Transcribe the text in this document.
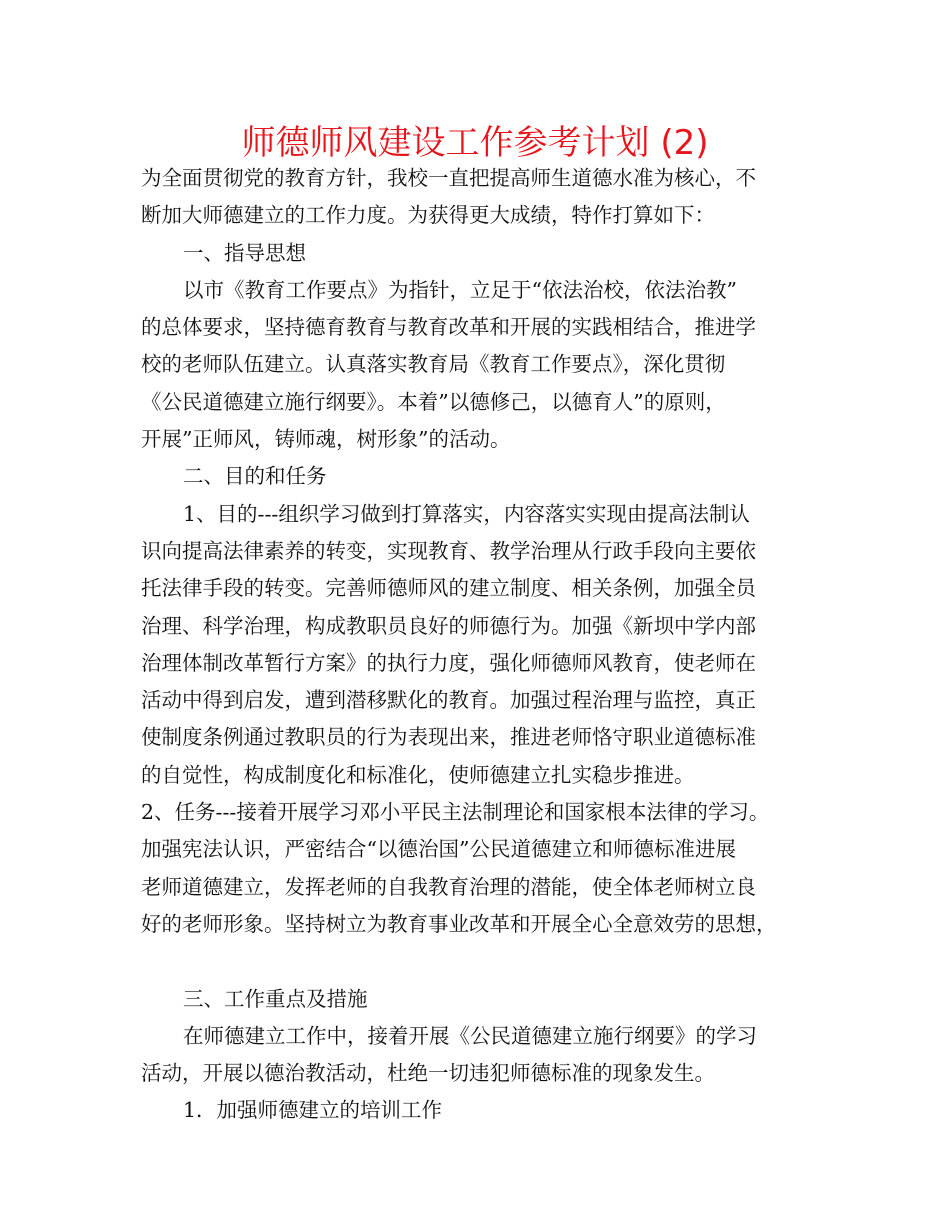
师德师风建设工作参考计划 (2)
为全面贯彻党的教育方针，我校一直把提高师生道德水准为核心，不
断加大师德建立的工作力度。为获得更大成绩，特作打算如下：
一、指导思想
以市《教育工作要点》为指针，立足于“依法治校，依法治教”
的总体要求，坚持德育教育与教育改革和开展的实践相结合，推进学
校的老师队伍建立。认真落实教育局《教育工作要点》，深化贯彻
《公民道德建立施行纲要》。本着”以德修己，以德育人”的原则，
开展”正师风，铸师魂，树形象”的活动。
二、目的和任务
1、目的---组织学习做到打算落实，内容落实实现由提高法制认
识向提高法律素养的转变，实现教育、教学治理从行政手段向主要依
托法律手段的转变。完善师德师风的建立制度、相关条例，加强全员
治理、科学治理，构成教职员良好的师德行为。加强《新坝中学内部
治理体制改革暂行方案》的执行力度，强化师德师风教育，使老师在
活动中得到启发，遭到潜移默化的教育。加强过程治理与监控，真正
使制度条例通过教职员的行为表现出来，推进老师恪守职业道德标准
的自觉性，构成制度化和标准化，使师德建立扎实稳步推进。
2、任务---接着开展学习邓小平民主法制理论和国家根本法律的学习。
加强宪法认识，严密结合“以德治国”公民道德建立和师德标准进展
老师道德建立，发挥老师的自我教育治理的潜能，使全体老师树立良
好的老师形象。坚持树立为教育事业改革和开展全心全意效劳的思想，
三、工作重点及措施
在师德建立工作中，接着开展《公民道德建立施行纲要》的学习
活动，开展以德治教活动，杜绝一切违犯师德标准的现象发生。
1．加强师德建立的培训工作
